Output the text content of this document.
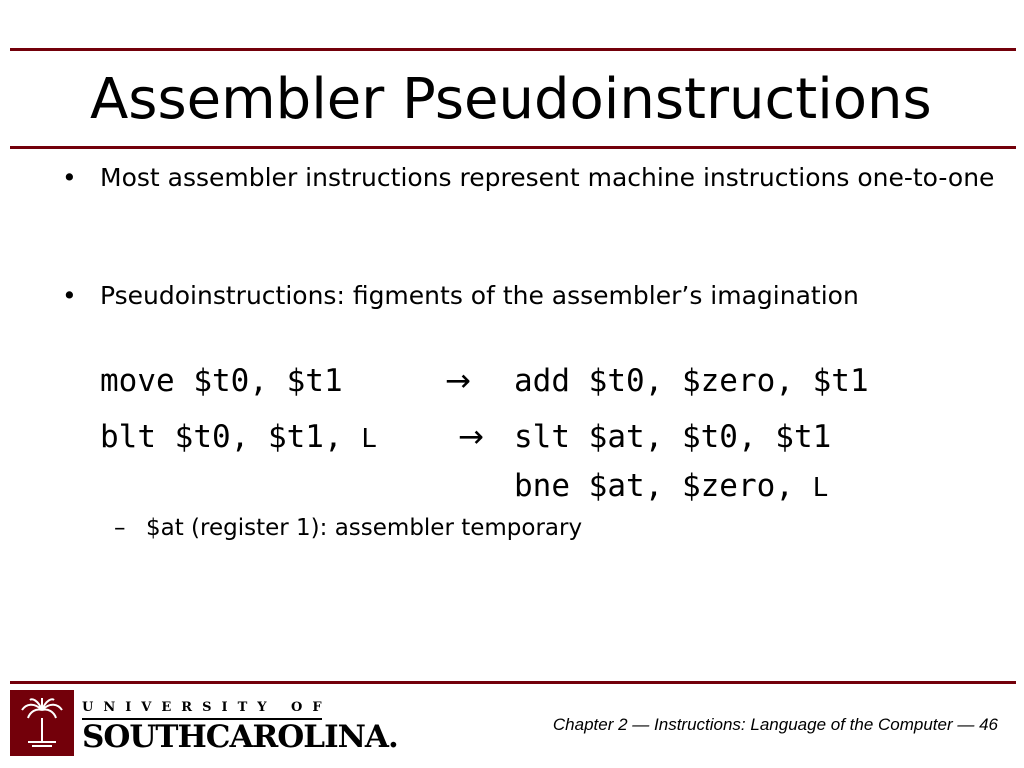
Assembler Pseudoinstructions
• Most assembler instructions represent machine instructions one-to-one
• Pseudoinstructions: figments of the assembler’s imagination
move $t0, $t1	→ add $t0, $zero, $t1
blt $t0, $t1, L	→ slt $at, $t0, $t1
bne $at, $zero, L
– $at (register 1): assembler temporary
UNIVERSITY OF
SOUTHCAROLINA.	Chapter 2 — Instructions: Language of the Computer — 46
